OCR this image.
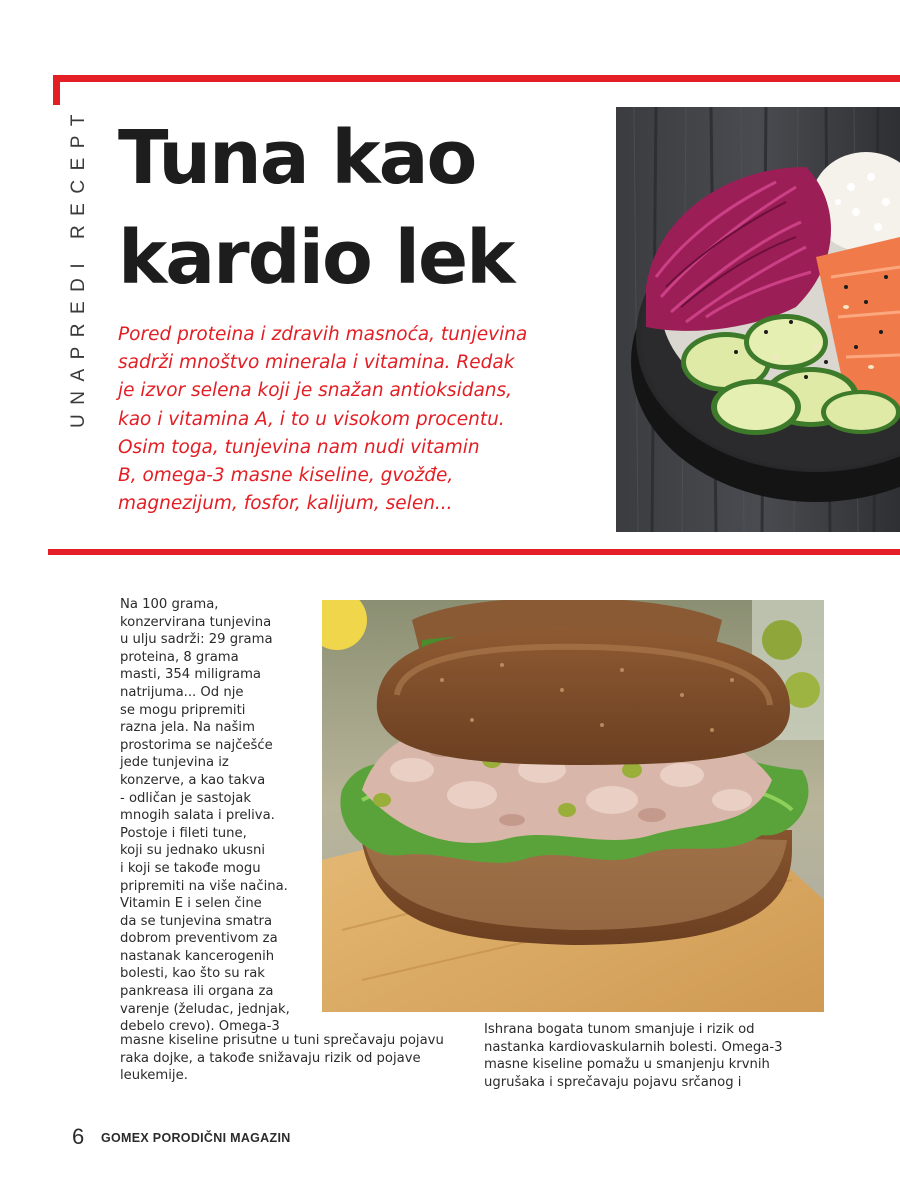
UNAPREDI RECEPT Tuna kao
kardio lek

Pored proteina i zdravih masnoća, tunjevina
sadrži mnoštvo minerala i vitamina. Redak
je izvor selena koji je snažan antioksidans,
kao i vitamina A, i to u visokom procentu.
Osim toga, tunjevina nam nudi vitamin
B, omega-3 masne kiseline, gvožđe,
magnezijum, fosfor, kalijum, selen...

Na 100 grama,
konzervirana tunjevina
u ulju sadrži: 29 grama
proteina, 8 grama
masti, 354 miligrama
natrijuma... Od nje
se mogu pripremiti
razna jela. Na našim
prostorima se najčešće
jede tunjevina iz
konzerve, a kao takva
- odličan je sastojak
mnogih salata i preliva.
Postoje i fileti tune,
koji su jednako ukusni
i koji se takođe mogu
pripremiti na više načina.
Vitamin E i selen čine
da se tunjevina smatra
dobrom preventivom za
nastanak kancerogenih
bolesti, kao što su rak
pankreasa ili organa za
varenje (želudac, jednjak,
debelo crevo). Omega-3

masne kiseline prisutne u tuni sprečavaju pojavu
raka dojke, a takođe snižavaju rizik od pojave
leukemije.

Ishrana bogata tunom smanjuje i rizik od
nastanka kardiovaskularnih bolesti. Omega-3
masne kiseline pomažu u smanjenju krvnih
ugrušaka i sprečavaju pojavu srčanog i

6 GOMEX PORODIČNI MAGAZIN
